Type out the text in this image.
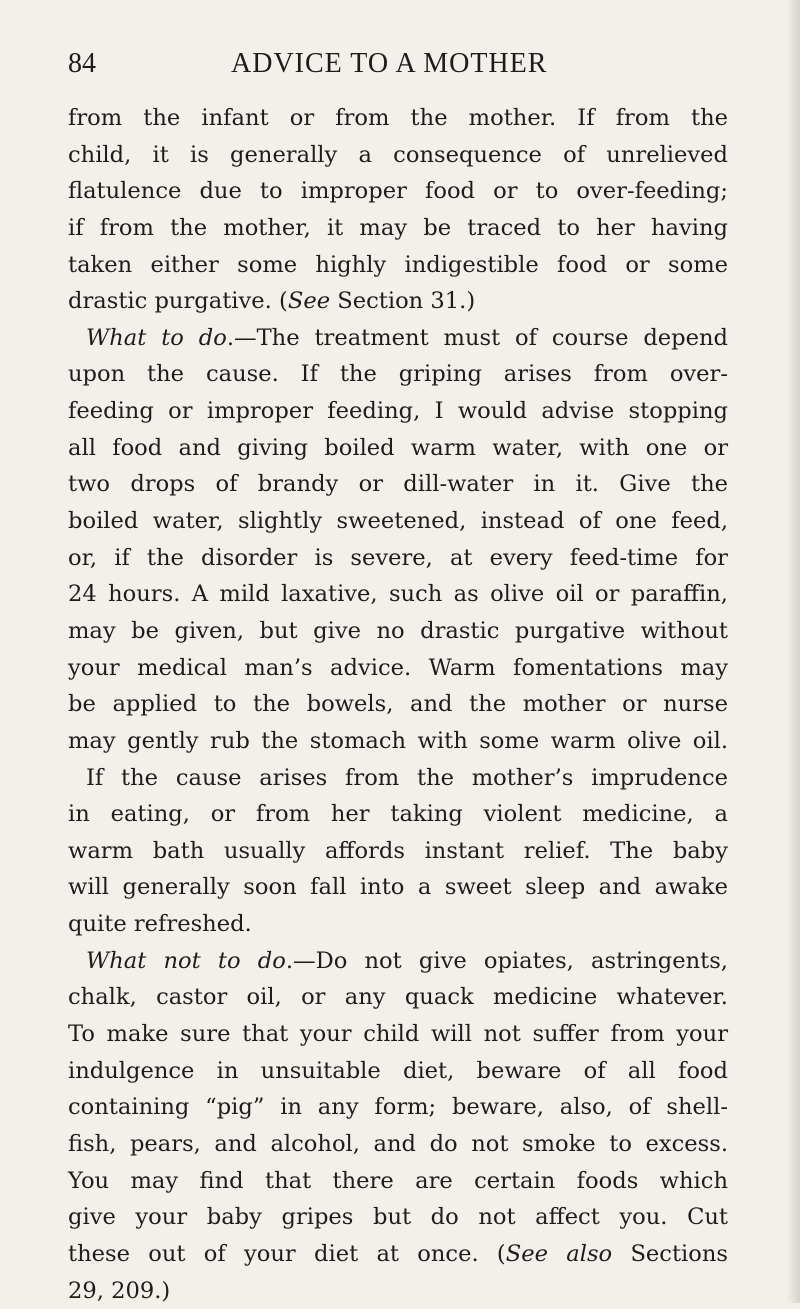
84	ADVICE TO A MOTHER
from the infant or from the mother. If from the
child, it is generally a consequence of unrelieved
flatulence due to improper food or to over-feeding;
if from the mother, it may be traced to her having
taken either some highly indigestible food or some
drastic purgative. (See Section 31.)
What to do.—The treatment must of course depend
upon the cause. If the griping arises from over-
feeding or improper feeding, I would advise stopping
all food and giving boiled warm water, with one or
two drops of brandy or dill-water in it. Give the
boiled water, slightly sweetened, instead of one feed,
or, if the disorder is severe, at every feed-time for
24 hours. A mild laxative, such as olive oil or paraffin,
may be given, but give no drastic purgative without
your medical man’s advice. Warm fomentations may
be applied to the bowels, and the mother or nurse
may gently rub the stomach with some warm olive oil.
If the cause arises from the mother’s imprudence
in eating, or from her taking violent medicine, a
warm bath usually affords instant relief. The baby
will generally soon fall into a sweet sleep and awake
quite refreshed.
What not to do.—Do not give opiates, astringents,
chalk, castor oil, or any quack medicine whatever.
To make sure that your child will not suffer from your
indulgence in unsuitable diet, beware of all food
containing “pig” in any form; beware, also, of shell-
fish, pears, and alcohol, and do not smoke to excess.
You may find that there are certain foods which
give your baby gripes but do not affect you. Cut
these out of your diet at once. (See also Sections
29, 209.)
